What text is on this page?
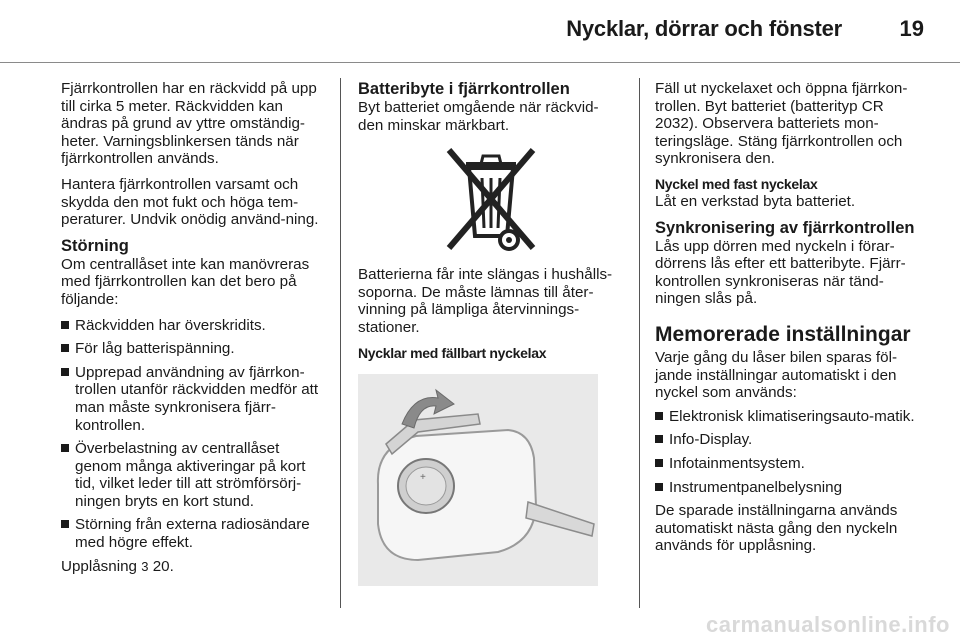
Nycklar, dörrar och fönster	19
Fjärrkontrollen har en räckvidd på upp till cirka 5 meter. Räckvidden kan ändras på grund av yttre omständig-heter. Varningsblinkersen tänds när fjärrkontrollen används.
Hantera fjärrkontrollen varsamt och skydda den mot fukt och höga tem-peraturer. Undvik onödig använd-ning.
Störning
Om centrallåset inte kan manövreras med fjärrkontrollen kan det bero på följande:
Räckvidden har överskridits.
För låg batterispänning.
Upprepad användning av fjärrkon-trollen utanför räckvidden medför att man måste synkronisera fjärr-kontrollen.
Överbelastning av centrallåset genom många aktiveringar på kort tid, vilket leder till att strömförsörj-ningen bryts en kort stund.
Störning från externa radiosändare med högre effekt.
Upplåsning 3 20.
Batteribyte i fjärrkontrollen
Byt batteriet omgående när räckvid-den minskar märkbart.
Batterierna får inte slängas i hushålls-soporna. De måste lämnas till åter-vinning på lämpliga återvinnings-stationer.
Nycklar med fällbart nyckelax
+
Fäll ut nyckelaxet och öppna fjärrkon-trollen. Byt batteriet (batterityp CR 2032). Observera batteriets mon-teringsläge. Stäng fjärrkontrollen och synkronisera den.
Nyckel med fast nyckelax
Låt en verkstad byta batteriet.
Synkronisering av fjärrkontrollen
Lås upp dörren med nyckeln i förar-dörrens lås efter ett batteribyte. Fjärr-kontrollen synkroniseras när tänd-ningen slås på.
Memorerade inställningar
Varje gång du låser bilen sparas föl-jande inställningar automatiskt i den nyckel som används:
Elektronisk klimatiseringsauto-matik.
Info-Display.
Infotainmentsystem.
Instrumentpanelbelysning
De sparade inställningarna används automatiskt nästa gång den nyckeln används för upplåsning.
carmanualsonline.info
